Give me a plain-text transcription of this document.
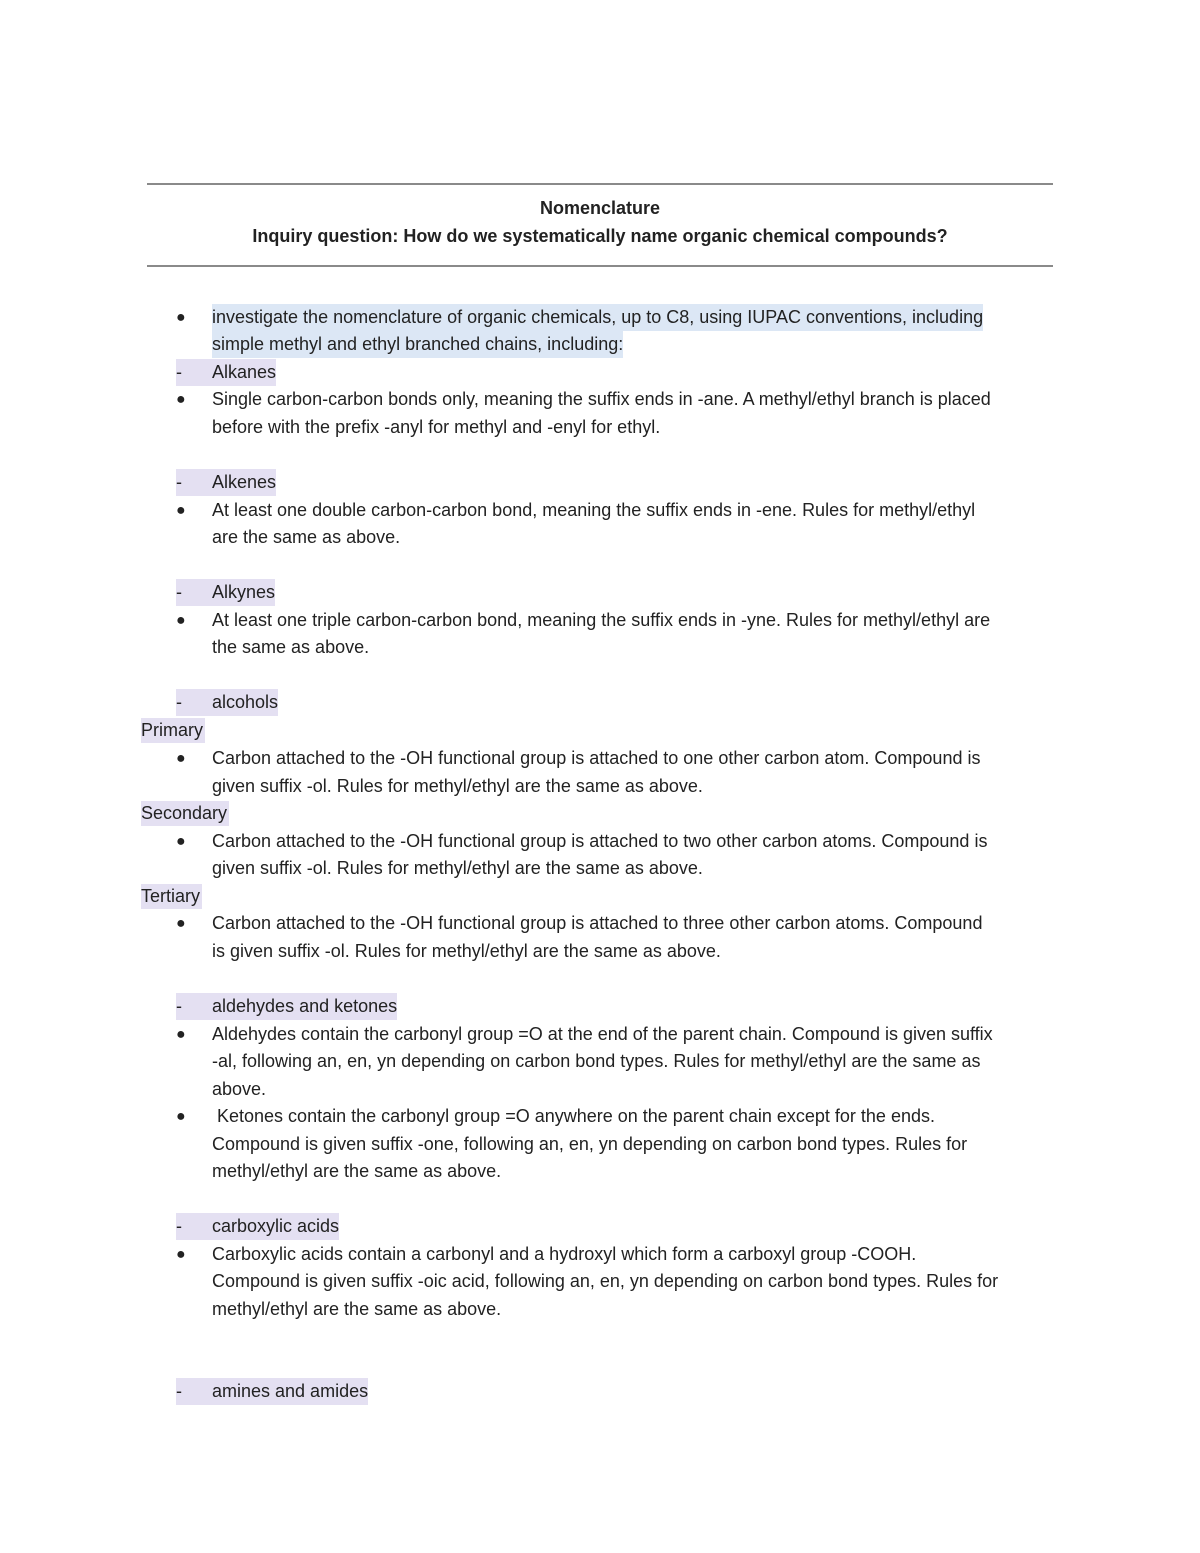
Nomenclature
Inquiry question: How do we systematically name organic chemical compounds?
● investigate the nomenclature of organic chemicals, up to C8, using IUPAC conventions, including
simple methyl and ethyl branched chains, including:
- Alkanes
● Single carbon-carbon bonds only, meaning the suffix ends in -ane. A methyl/ethyl branch is placed
before with the prefix -anyl for methyl and -enyl for ethyl.
- Alkenes
● At least one double carbon-carbon bond, meaning the suffix ends in -ene. Rules for methyl/ethyl
are the same as above.
- Alkynes
● At least one triple carbon-carbon bond, meaning the suffix ends in -yne. Rules for methyl/ethyl are
the same as above.
- alcohols
Primary
● Carbon attached to the -OH functional group is attached to one other carbon atom. Compound is
given suffix -ol. Rules for methyl/ethyl are the same as above.
Secondary
● Carbon attached to the -OH functional group is attached to two other carbon atoms. Compound is
given suffix -ol. Rules for methyl/ethyl are the same as above.
Tertiary
● Carbon attached to the -OH functional group is attached to three other carbon atoms. Compound
is given suffix -ol. Rules for methyl/ethyl are the same as above.
- aldehydes and ketones
● Aldehydes contain the carbonyl group =O at the end of the parent chain. Compound is given suffix
-al, following an, en, yn depending on carbon bond types. Rules for methyl/ethyl are the same as
above.
● Ketones contain the carbonyl group =O anywhere on the parent chain except for the ends.
Compound is given suffix -one, following an, en, yn depending on carbon bond types. Rules for
methyl/ethyl are the same as above.
- carboxylic acids
● Carboxylic acids contain a carbonyl and a hydroxyl which form a carboxyl group -COOH.
Compound is given suffix -oic acid, following an, en, yn depending on carbon bond types. Rules for
methyl/ethyl are the same as above.
- amines and amides
